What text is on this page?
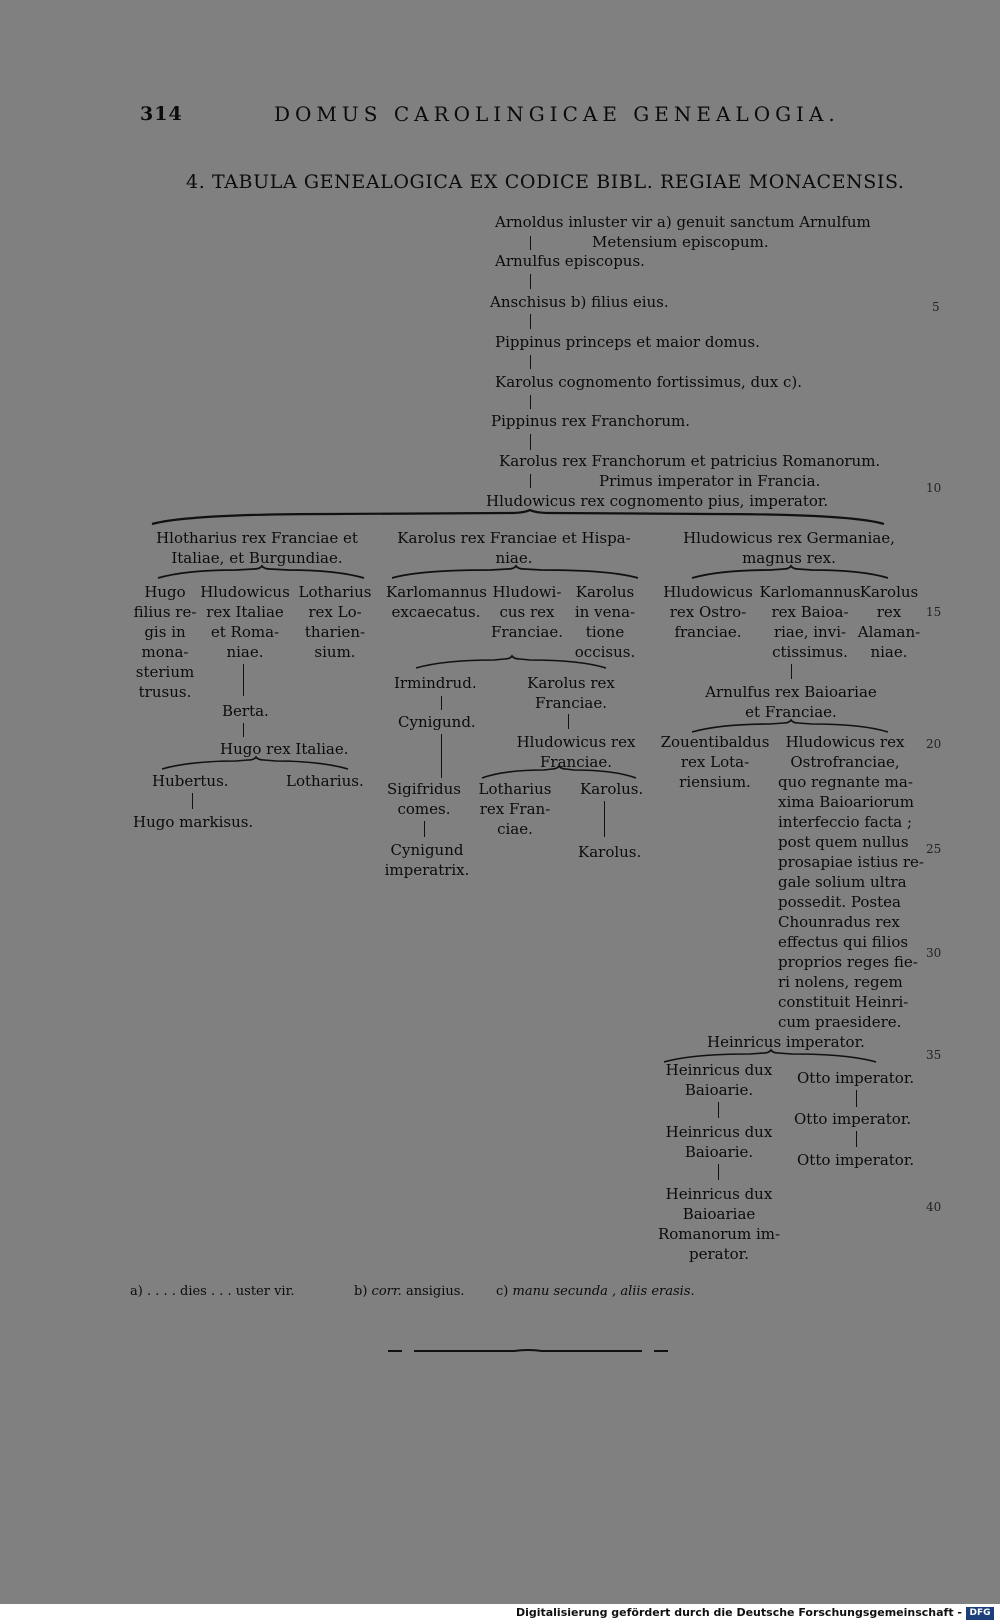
314	DOMUS CAROLINGICAE GENEALOGIA.
4. TABULA GENEALOGICA EX CODICE BIBL. REGIAE MONACENSIS.
Arnoldus inluster vir a) genuit sanctum Arnulfum
Metensium episcopum.
Arnulfus episcopus.
Anschisus b) filius eius.
Pippinus princeps et maior domus.
Karolus cognomento fortissimus, dux c).
Pippinus rex Franchorum.
Karolus rex Franchorum et patricius Romanorum.
Primus imperator in Francia.
Hludowicus rex cognomento pius, imperator.
Hlotharius rex Franciae et
Italiae, et Burgundiae.
Hugo
filius re-
gis in
mona-
sterium
trusus.
Hludowicus
rex Italiae
et Roma-
niae.
Lotharius
rex Lo-
tharien-
sium.
Berta.
Hugo rex Italiae.
Hubertus.	Lotharius.
Hugo markisus.
Karolus rex Franciae et Hispa-
niae.
Karlomannus
excaecatus.
Hludowi-
cus rex
Franciae.
Karolus
in vena-
tione
occisus.
Irmindrud.
Cynigund.
Karolus rex
Franciae.
Hludowicus rex
Franciae.
Sigifridus
comes.
Cynigund
imperatrix.
Lotharius
rex Fran-
ciae.
Karolus.
Karolus.
Hludowicus rex Germaniae,
magnus rex.
Hludowicus
rex Ostro-
franciae.
Karlomannus
rex Baioa-
riae, invi-
ctissimus.
Karolus
rex
Alaman-
niae.
Arnulfus rex Baioariae
et Franciae.
Zouentibaldus
rex Lota-
riensium.
Hludowicus rex
Ostrofranciae,
quo regnante ma-
xima Baioariorum
interfeccio facta ;
post quem nullus
prosapiae istius re-
gale solium ultra
possedit. Postea
Chounradus rex
effectus qui filios
proprios reges fie-
ri nolens, regem
constituit Heinri-
cum praesidere.
Heinricus imperator.
Heinricus dux
Baioarie.
Heinricus dux
Baioarie.
Heinricus dux
Baioariae
Romanorum im-
perator.
Otto imperator.
Otto imperator.
Otto imperator.
5
10
15
20
25
30
35
40
a) . . . . dies . . . uster vir.	b) corr. ansigius. c) manu secunda , aliis erasis.
Digitalisierung gefördert durch die Deutsche Forschungsgemeinschaft - DFG
